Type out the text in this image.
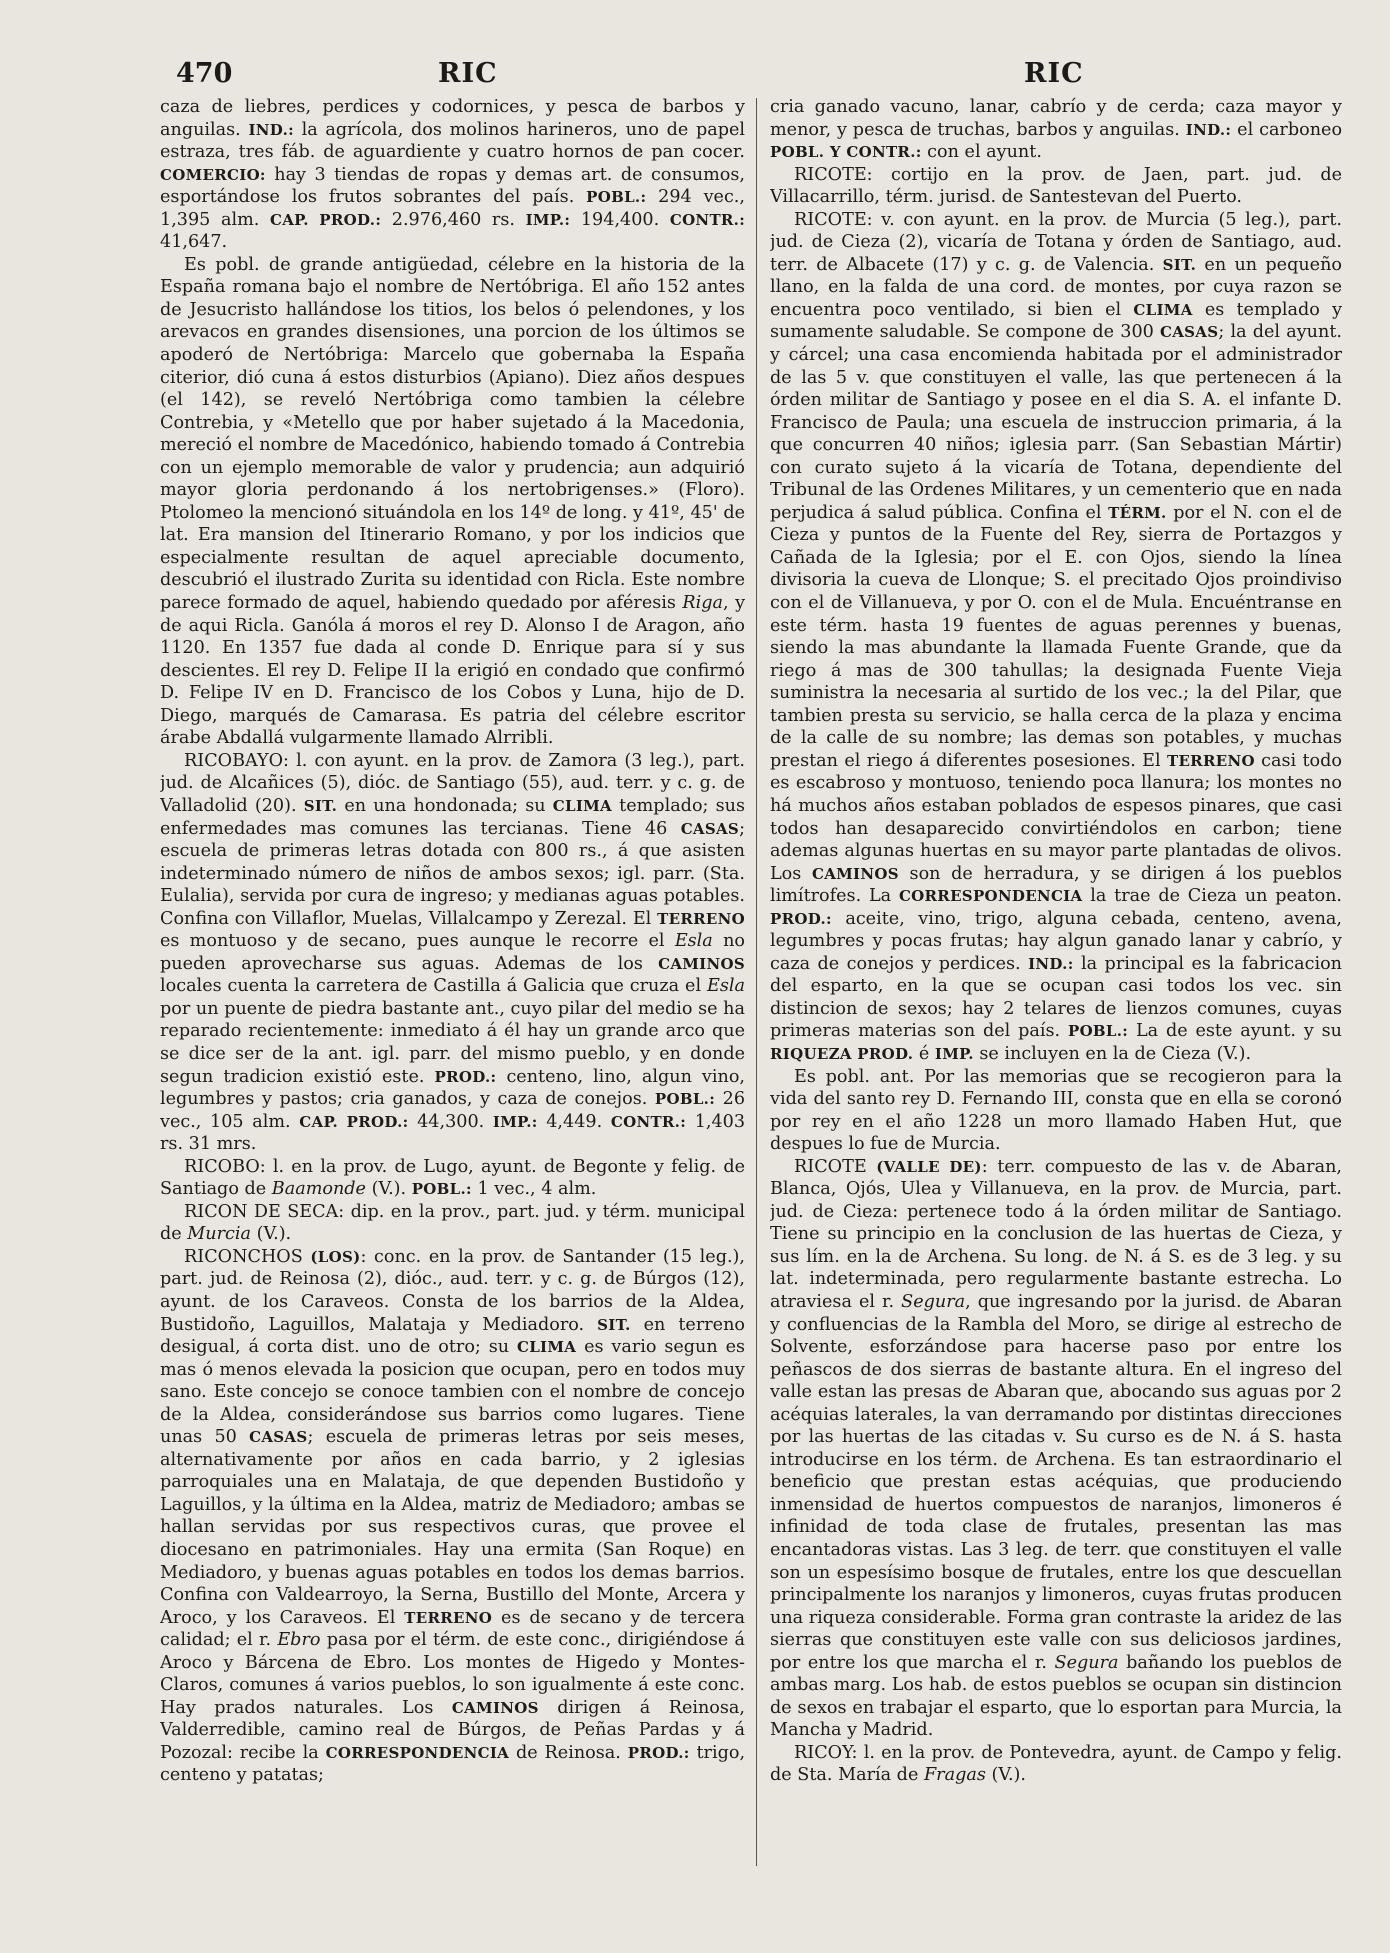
470	RIC	RIC

caza de liebres, perdices y codornices, y pesca de barbos y anguilas. IND.: la agrícola, dos molinos harineros, uno de papel estraza, tres fáb. de aguardiente y cuatro hornos de pan cocer. COMERCIO: hay 3 tiendas de ropas y demas art. de consumos, esportándose los frutos sobrantes del país. POBL.: 294 vec., 1,395 alm. CAP. PROD.: 2.976,460 rs. IMP.: 194,400. CONTR.: 41,647.

Es pobl. de grande antigüedad, célebre en la historia de la España romana bajo el nombre de Nertóbriga. El año 152 antes de Jesucristo hallándose los titios, los belos ó pelendones, y los arevacos en grandes disensiones, una porcion de los últimos se apoderó de Nertóbriga: Marcelo que gobernaba la España citerior, dió cuna á estos disturbios (Apiano). Diez años despues (el 142), se reveló Nertóbriga como tambien la célebre Contrebia, y «Metello que por haber sujetado á la Macedonia, mereció el nombre de Macedónico, habiendo tomado á Contrebia con un ejemplo memorable de valor y prudencia; aun adquirió mayor gloria perdonando á los nertobrigenses.» (Floro). Ptolomeo la mencionó situándola en los 14º de long. y 41º, 45' de lat. Era mansion del Itinerario Romano, y por los indicios que especialmente resultan de aquel apreciable documento, descubrió el ilustrado Zurita su identidad con Ricla. Este nombre parece formado de aquel, habiendo quedado por aféresis Riga, y de aqui Ricla. Ganóla á moros el rey D. Alonso I de Aragon, año 1120. En 1357 fue dada al conde D. Enrique para sí y sus descientes. El rey D. Felipe II la erigió en condado que confirmó D. Felipe IV en D. Francisco de los Cobos y Luna, hijo de D. Diego, marqués de Camarasa. Es patria del célebre escritor árabe Abdallá vulgarmente llamado Alrribli.

RICOBAYO: l. con ayunt. en la prov. de Zamora (3 leg.), part. jud. de Alcañices (5), dióc. de Santiago (55), aud. terr. y c. g. de Valladolid (20). SIT. en una hondonada; su CLIMA templado; sus enfermedades mas comunes las tercianas. Tiene 46 CASAS; escuela de primeras letras dotada con 800 rs., á que asisten indeterminado número de niños de ambos sexos; igl. parr. (Sta. Eulalia), servida por cura de ingreso; y medianas aguas potables. Confina con Villaflor, Muelas, Villalcampo y Zerezal. El TERRENO es montuoso y de secano, pues aunque le recorre el Esla no pueden aprovecharse sus aguas. Ademas de los CAMINOS locales cuenta la carretera de Castilla á Galicia que cruza el Esla por un puente de piedra bastante ant., cuyo pilar del medio se ha reparado recientemente: inmediato á él hay un grande arco que se dice ser de la ant. igl. parr. del mismo pueblo, y en donde segun tradicion existió este. PROD.: centeno, lino, algun vino, legumbres y pastos; cria ganados, y caza de conejos. POBL.: 26 vec., 105 alm. CAP. PROD.: 44,300. IMP.: 4,449. CONTR.: 1,403 rs. 31 mrs.

RICOBO: l. en la prov. de Lugo, ayunt. de Begonte y felig. de Santiago de Baamonde (V.). POBL.: 1 vec., 4 alm.

RICON DE SECA: dip. en la prov., part. jud. y térm. municipal de Murcia (V.).

RICONCHOS (LOS): conc. en la prov. de Santander (15 leg.), part. jud. de Reinosa (2), dióc., aud. terr. y c. g. de Búrgos (12), ayunt. de los Caraveos. Consta de los barrios de la Aldea, Bustidoño, Laguillos, Malataja y Mediadoro. SIT. en terreno desigual, á corta dist. uno de otro; su CLIMA es vario segun es mas ó menos elevada la posicion que ocupan, pero en todos muy sano. Este concejo se conoce tambien con el nombre de concejo de la Aldea, considerándose sus barrios como lugares. Tiene unas 50 CASAS; escuela de primeras letras por seis meses, alternativamente por años en cada barrio, y 2 iglesias parroquiales una en Malataja, de que dependen Bustidoño y Laguillos, y la última en la Aldea, matriz de Mediadoro; ambas se hallan servidas por sus respectivos curas, que provee el diocesano en patrimoniales. Hay una ermita (San Roque) en Mediadoro, y buenas aguas potables en todos los demas barrios. Confina con Valdearroyo, la Serna, Bustillo del Monte, Arcera y Aroco, y los Caraveos. El TERRENO es de secano y de tercera calidad; el r. Ebro pasa por el térm. de este conc., dirigiéndose á Aroco y Bárcena de Ebro. Los montes de Higedo y Montes-Claros, comunes á varios pueblos, lo son igualmente á este conc. Hay prados naturales. Los CAMINOS dirigen á Reinosa, Valderredible, camino real de Búrgos, de Peñas Pardas y á Pozozal: recibe la CORRESPONDENCIA de Reinosa. PROD.: trigo, centeno y patatas;

cria ganado vacuno, lanar, cabrío y de cerda; caza mayor y menor, y pesca de truchas, barbos y anguilas. IND.: el carboneo POBL. Y CONTR.: con el ayunt.

RICOTE: cortijo en la prov. de Jaen, part. jud. de Villacarrillo, térm. jurisd. de Santestevan del Puerto.

RICOTE: v. con ayunt. en la prov. de Murcia (5 leg.), part. jud. de Cieza (2), vicaría de Totana y órden de Santiago, aud. terr. de Albacete (17) y c. g. de Valencia. SIT. en un pequeño llano, en la falda de una cord. de montes, por cuya razon se encuentra poco ventilado, si bien el CLIMA es templado y sumamente saludable. Se compone de 300 CASAS; la del ayunt. y cárcel; una casa encomienda habitada por el administrador de las 5 v. que constituyen el valle, las que pertenecen á la órden militar de Santiago y posee en el dia S. A. el infante D. Francisco de Paula; una escuela de instruccion primaria, á la que concurren 40 niños; iglesia parr. (San Sebastian Mártir) con curato sujeto á la vicaría de Totana, dependiente del Tribunal de las Ordenes Militares, y un cementerio que en nada perjudica á salud pública. Confina el TÉRM. por el N. con el de Cieza y puntos de la Fuente del Rey, sierra de Portazgos y Cañada de la Iglesia; por el E. con Ojos, siendo la línea divisoria la cueva de Llonque; S. el precitado Ojos proindiviso con el de Villanueva, y por O. con el de Mula. Encuéntranse en este térm. hasta 19 fuentes de aguas perennes y buenas, siendo la mas abundante la llamada Fuente Grande, que da riego á mas de 300 tahullas; la designada Fuente Vieja suministra la necesaria al surtido de los vec.; la del Pilar, que tambien presta su servicio, se halla cerca de la plaza y encima de la calle de su nombre; las demas son potables, y muchas prestan el riego á diferentes posesiones. El TERRENO casi todo es escabroso y montuoso, teniendo poca llanura; los montes no há muchos años estaban poblados de espesos pinares, que casi todos han desaparecido convirtiéndolos en carbon; tiene ademas algunas huertas en su mayor parte plantadas de olivos. Los CAMINOS son de herradura, y se dirigen á los pueblos limítrofes. La CORRESPONDENCIA la trae de Cieza un peaton. PROD.: aceite, vino, trigo, alguna cebada, centeno, avena, legumbres y pocas frutas; hay algun ganado lanar y cabrío, y caza de conejos y perdices. IND.: la principal es la fabricacion del esparto, en la que se ocupan casi todos los vec. sin distincion de sexos; hay 2 telares de lienzos comunes, cuyas primeras materias son del país. POBL.: La de este ayunt. y su RIQUEZA PROD. é IMP. se incluyen en la de Cieza (V.).

Es pobl. ant. Por las memorias que se recogieron para la vida del santo rey D. Fernando III, consta que en ella se coronó por rey en el año 1228 un moro llamado Haben Hut, que despues lo fue de Murcia.

RICOTE (VALLE DE): terr. compuesto de las v. de Abaran, Blanca, Ojós, Ulea y Villanueva, en la prov. de Murcia, part. jud. de Cieza: pertenece todo á la órden militar de Santiago. Tiene su principio en la conclusion de las huertas de Cieza, y sus lím. en la de Archena. Su long. de N. á S. es de 3 leg. y su lat. indeterminada, pero regularmente bastante estrecha. Lo atraviesa el r. Segura, que ingresando por la jurisd. de Abaran y confluencias de la Rambla del Moro, se dirige al estrecho de Solvente, esforzándose para hacerse paso por entre los peñascos de dos sierras de bastante altura. En el ingreso del valle estan las presas de Abaran que, abocando sus aguas por 2 acéquias laterales, la van derramando por distintas direcciones por las huertas de las citadas v. Su curso es de N. á S. hasta introducirse en los térm. de Archena. Es tan estraordinario el beneficio que prestan estas acéquias, que produciendo inmensidad de huertos compuestos de naranjos, limoneros é infinidad de toda clase de frutales, presentan las mas encantadoras vistas. Las 3 leg. de terr. que constituyen el valle son un espesísimo bosque de frutales, entre los que descuellan principalmente los naranjos y limoneros, cuyas frutas producen una riqueza considerable. Forma gran contraste la aridez de las sierras que constituyen este valle con sus deliciosos jardines, por entre los que marcha el r. Segura bañando los pueblos de ambas marg. Los hab. de estos pueblos se ocupan sin distincion de sexos en trabajar el esparto, que lo esportan para Murcia, la Mancha y Madrid.

RICOY: l. en la prov. de Pontevedra, ayunt. de Campo y felig. de Sta. María de Fragas (V.).
